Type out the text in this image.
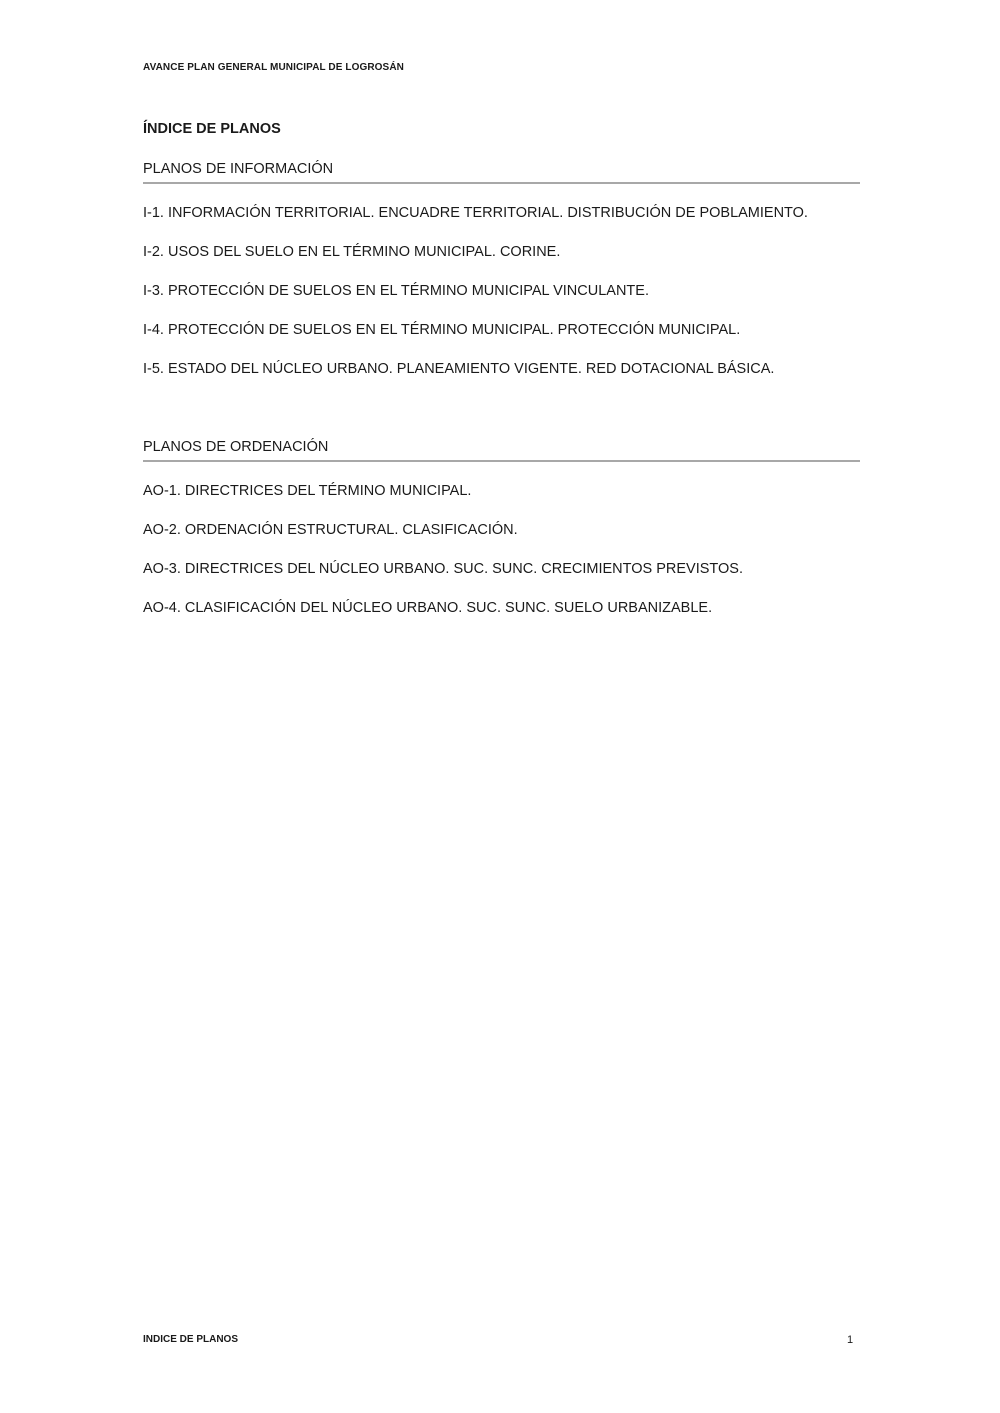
AVANCE PLAN GENERAL MUNICIPAL DE LOGROSÁN
ÍNDICE DE PLANOS
PLANOS DE INFORMACIÓN
I-1. INFORMACIÓN TERRITORIAL. ENCUADRE TERRITORIAL. DISTRIBUCIÓN DE POBLAMIENTO.
I-2. USOS DEL SUELO EN EL TÉRMINO MUNICIPAL. CORINE.
I-3. PROTECCIÓN DE SUELOS EN EL TÉRMINO MUNICIPAL VINCULANTE.
I-4. PROTECCIÓN DE SUELOS EN EL TÉRMINO MUNICIPAL. PROTECCIÓN MUNICIPAL.
I-5. ESTADO DEL NÚCLEO URBANO. PLANEAMIENTO VIGENTE. RED DOTACIONAL BÁSICA.
PLANOS DE ORDENACIÓN
AO-1. DIRECTRICES DEL TÉRMINO MUNICIPAL.
AO-2. ORDENACIÓN ESTRUCTURAL. CLASIFICACIÓN.
AO-3. DIRECTRICES DEL NÚCLEO URBANO. SUC. SUNC. CRECIMIENTOS PREVISTOS.
AO-4. CLASIFICACIÓN DEL NÚCLEO URBANO. SUC. SUNC. SUELO URBANIZABLE.
INDICE DE PLANOS	1
